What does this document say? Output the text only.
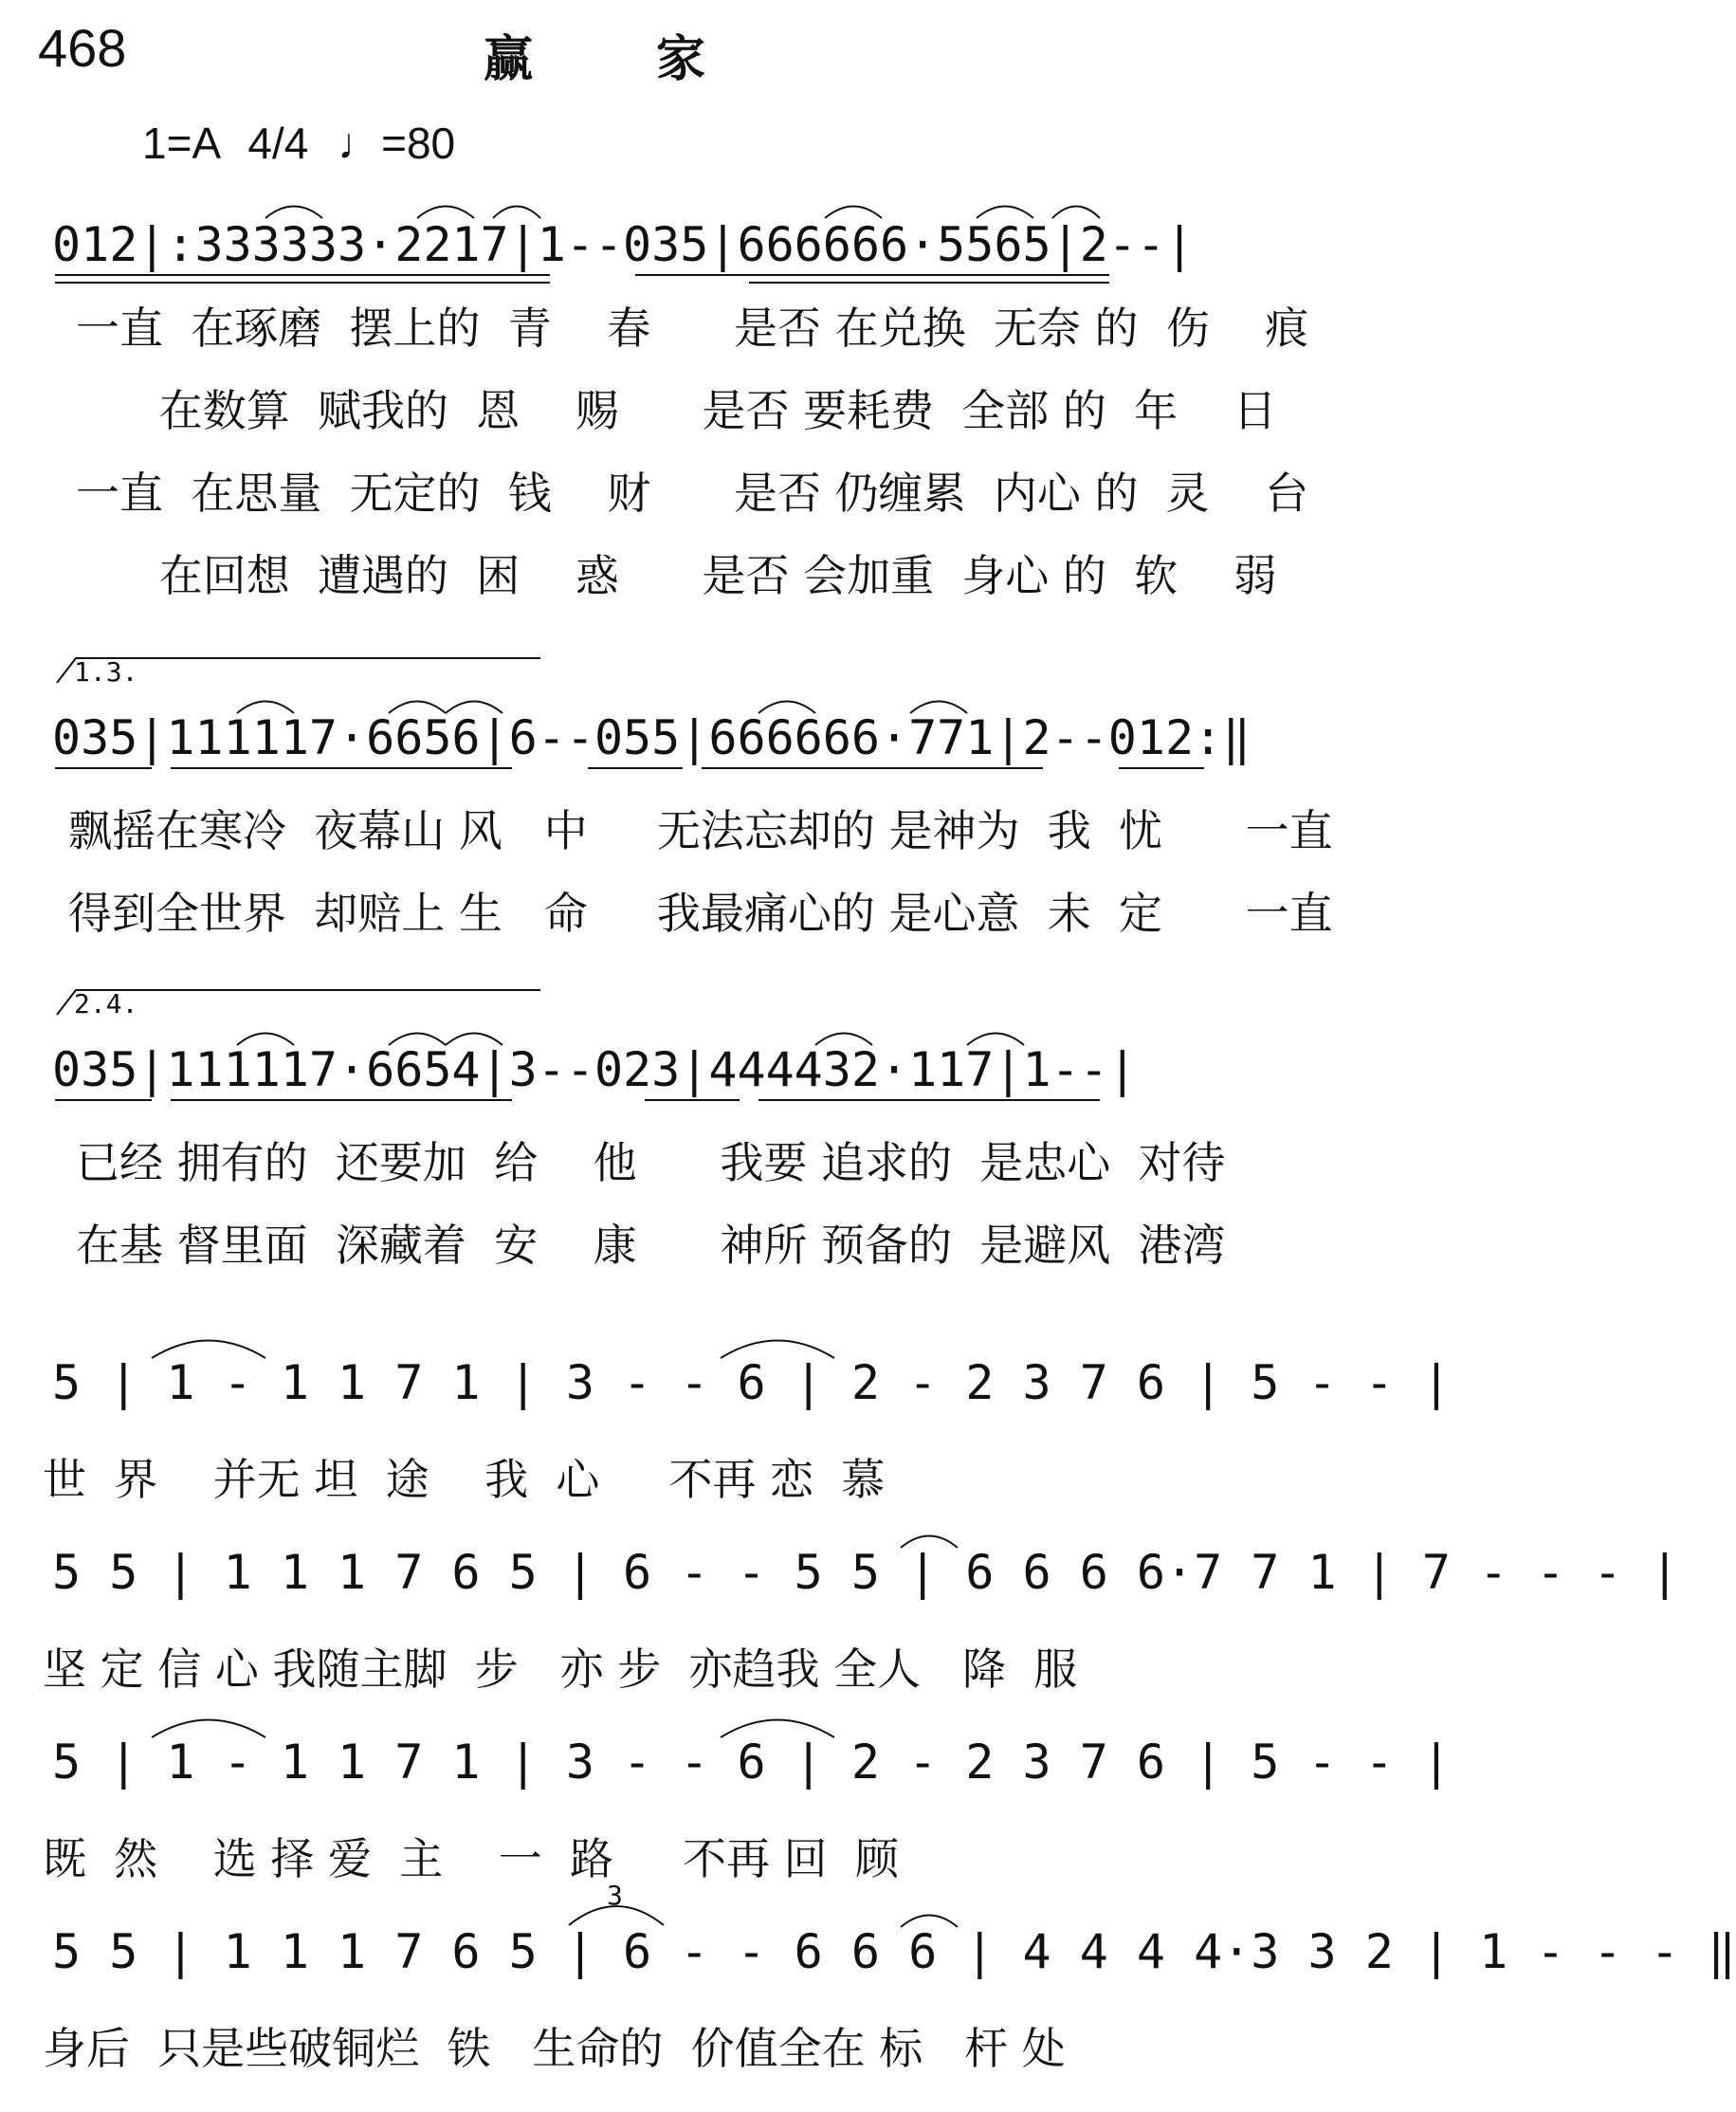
468	赢家
1=A 4/4 ♩=80
012|:333333·2217|1--035|666666·5565|2--|
一直  在琢磨  摆上的  青    春      是否 在兑换  无奈 的  伤    痕
在数算  赋我的  恩    赐      是否 要耗费  全部 的  年    日
一直  在思量  无定的  钱    财      是否 仍缠累  内心 的  灵    台
在回想  遭遇的  困    惑      是否 会加重  身心 的  软    弱
1.3.
035|111117·6656|6--055|666666·771|2--012:‖
飘摇在寒冷  夜幕山 风   中     无法忘却的 是神为  我  忧      一直
得到全世界  却赔上 生   命     我最痛心的 是心意  未  定      一直
2.4.
035|111117·6654|3--023|444432·117|1--|
已经 拥有的  还要加  给    他      我要 追求的  是忠心  对待
在基 督里面  深藏着  安    康      神所 预备的  是避风  港湾
5 | 1 - 1 1 7 1 | 3 - - 6 | 2 - 2 3 7 6 | 5 - - |
世  界    并无 坦  途    我  心     不再 恋  慕
5 5 | 1 1 1 7 6 5 | 6 - - 5 5 | 6 6 6 6·7 7 1 | 7 - - - |
坚 定 信 心 我随主脚  步   亦 步  亦趋我 全人   降  服
5 | 1 - 1 1 7 1 | 3 - - 6 | 2 - 2 3 7 6 | 5 - - |
既  然    选 择 爱  主    一  路     不再 回  顾
3
5 5 | 1 1 1 7 6 5 | 6 - - 6 6 6 | 4 4 4 4·3 3 2 | 1 - - - ‖
身后  只是些破铜烂  铁   生命的  价值全在 标   杆 处
